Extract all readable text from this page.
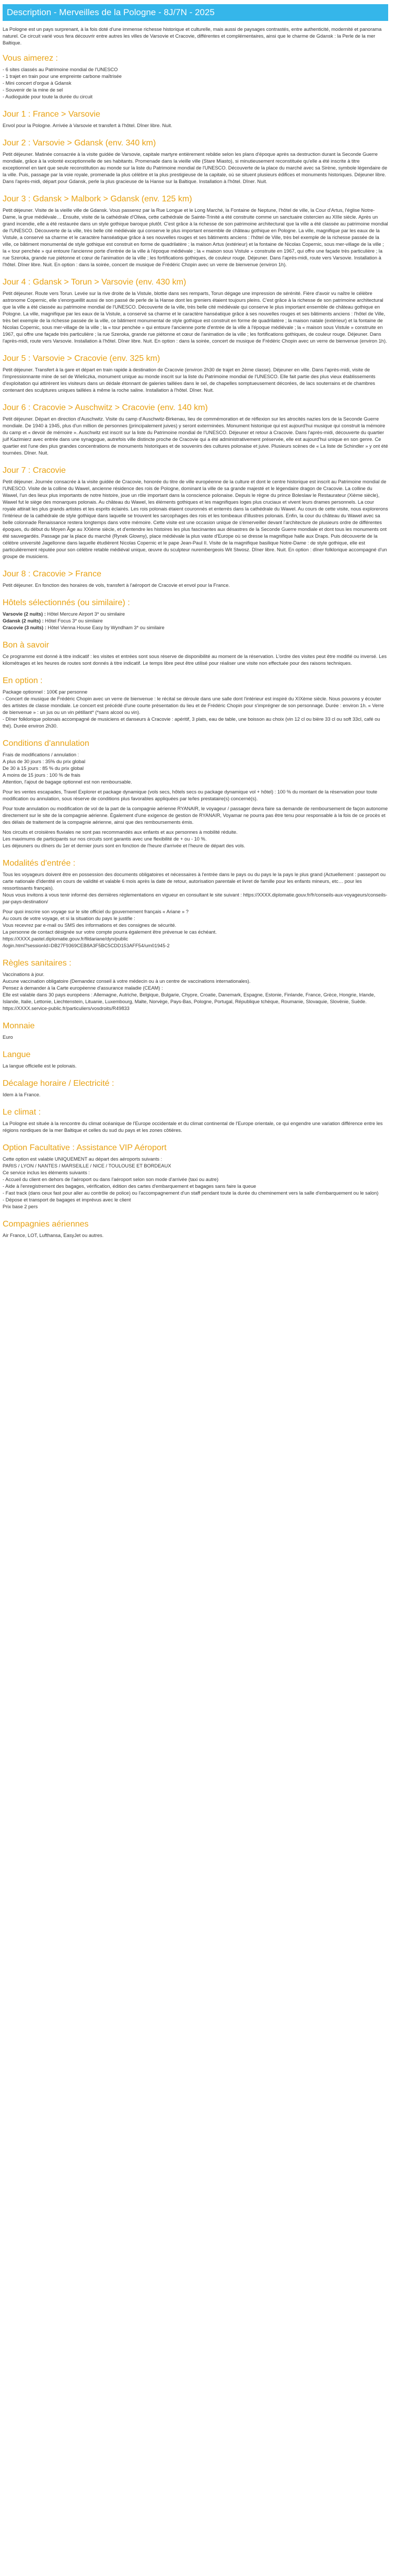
Description - Merveilles de la Pologne - 8J/7N - 2025

La Pologne est un pays surprenant, à la fois doté d'une immense richesse historique et culturelle, mais aussi de paysages contrastés, entre authenticité, modernité et panorama naturel. Ce circuit varié vous fera découvrir entre autres les villes de Varsovie et Cracovie, différentes et complémentaires, ainsi que le charme de Gdansk : la Perle de la mer Baltique.

Vous aimerez :
- 6 sites classés au Patrimoine mondial de l'UNESCO
- 1 trajet en train pour une empreinte carbone maîtrisée
- Mini concert d'orgue à Gdansk
- Souvenir de la mine de sel
- Audioguide pour toute la durée du circuit
Jour 1 : France > Varsovie

Envol pour la Pologne. Arrivée à Varsovie et transfert à l'hôtel. Dîner libre. Nuit.

Jour 2 : Varsovie > Gdansk (env. 340 km)

Petit déjeuner. Matinée consacrée à la visite guidée de Varsovie, capitale martyre entièrement rebâtie selon les plans d'époque après sa destruction durant la Seconde Guerre mondiale, grâce à la volonté exceptionnelle de ses habitants. Promenade dans la vieille ville (Stare Miasto), si minutieusement reconstituée qu'elle a été inscrite à titre exceptionnel en tant que seule reconstitution au monde sur la liste du Patrimoine mondial de l'UNESCO. Découverte de la place du marché avec sa Sirène, symbole légendaire de la ville. Puis, passage par la voie royale, promenade la plus célèbre et la plus prestigieuse de la capitale, où se situent plusieurs édifices et monuments historiques. Déjeuner libre. Dans l'après-midi, départ pour Gdansk, perle la plus gracieuse de la Hanse sur la Baltique. Installation à l'hôtel. Dîner. Nuit.

Jour 3 : Gdansk > Malbork > Gdansk (env. 125 km)

Petit déjeuner. Visite de la vieille ville de Gdansk. Vous passerez par la Rue Longue et le Long Marché, la Fontaine de Neptune, l'hôtel de ville, la Cour d'Artus, l'église Notre-Dame, la grue médiévale… Ensuite, visite de la cathédrale d'Oliwa, cette cathédrale de Sainte-Trinité a été construite comme un sanctuaire cistercien au XIIIe siècle. Après un grand incendie, elle a été restaurée dans un style gothique baroque plutôt. C'est grâce à la richesse de son patrimoine architectural que la ville a été classée au patrimoine mondial de l'UNESCO. Découverte de la ville, très belle cité médiévale qui conserve le plus important ensemble de château gothique en Pologne. La ville, magnifique par les eaux de la Vistule, a conservé sa charme et le caractère hanséatique grâce à ses nouvelles rouges et ses bâtiments anciens : l'hôtel de Ville, très bel exemple de la richesse passée de la ville, ce bâtiment monumental de style gothique est construit en forme de quadrilatère ; la maison Artus (extérieur) et la fontaine de Nicolas Copernic, sous mer-village de la ville ; la « tour penchée » qui entoure l'ancienne porte d'entrée de la ville à l'époque médiévale ; la « maison sous Vistule » construite en 1967, qui offre une façade très particulière ; la rue Szeroka, grande rue piétonne et cœur de l'animation de la ville ; les fortifications gothiques, de couleur rouge. Déjeuner. Dans l'après-midi, route vers Varsovie. Installation à l'hôtel. Dîner libre. Nuit. En option : dans la soirée, concert de musique de Frédéric Chopin avec un verre de bienvenue (environ 1h).

Jour 4 : Gdansk > Torun > Varsovie (env. 430 km)

Petit déjeuner. Route vers Torun. Levée sur la rive droite de la Vistule, blottie dans ses remparts, Torun dégage une impression de sérénité. Fière d'avoir vu naître le célèbre astronome Copernic, elle s'enorgueillit aussi de son passé de perle de la Hanse dont les greniers étaient toujours pleins. C'est grâce à la richesse de son patrimoine architectural que la ville a été classée au patrimoine mondial de l'UNESCO. Découverte de la ville, très belle cité médiévale qui conserve le plus important ensemble de château gothique en Pologne. La ville, magnifique par les eaux de la Vistule, a conservé sa charme et le caractère hanséatique grâce à ses nouvelles rouges et ses bâtiments anciens : l'hôtel de Ville, très bel exemple de la richesse passée de la ville, ce bâtiment monumental de style gothique est construit en forme de quadrilatère ; la maison natale (extérieur) et la fontaine de Nicolas Copernic, sous mer-village de la ville ; la « tour penchée » qui entoure l'ancienne porte d'entrée de la ville à l'époque médiévale ; la « maison sous Vistule » construite en 1967, qui offre une façade très particulière ; la rue Szeroka, grande rue piétonne et cœur de l'animation de la ville ; les fortifications gothiques, de couleur rouge. Déjeuner. Dans l'après-midi, route vers Varsovie. Installation à l'hôtel. Dîner libre. Nuit. En option : dans la soirée, concert de musique de Frédéric Chopin avec un verre de bienvenue (environ 1h).

Jour 5 : Varsovie > Cracovie (env. 325 km)

Petit déjeuner. Transfert à la gare et départ en train rapide à destination de Cracovie (environ 2h30 de trajet en 2ème classe). Déjeuner en ville. Dans l'après-midi, visite de l'impressionnante mine de sel de Wieliczka, monument unique au monde inscrit sur la liste du Patrimoine mondial de l'UNESCO. Elle fait partie des plus vieux établissements d'exploitation qui attirèrent les visiteurs dans un dédale étonnant de galeries taillées dans le sel, de chapelles somptueusement décorées, de lacs souterrains et de chambres contenant des sculptures uniques taillées à même la roche saline. Installation à l'hôtel. Dîner. Nuit.

Jour 6 : Cracovie > Auschwitz > Cracovie (env. 140 km)

Petit déjeuner. Départ en direction d'Auschwitz. Visite du camp d'Auschwitz-Birkenau, lieu de commémoration et de réflexion sur les atrocités nazies lors de la Seconde Guerre mondiale. De 1940 à 1945, plus d'un million de personnes (principalement juives) y seront exterminées. Monument historique qui est aujourd'hui musique qui construit la mémoire du camp et « devoir de mémoire ». Auschwitz est inscrit sur la liste du Patrimoine mondial de l'UNESCO. Déjeuner et retour à Cracovie. Dans l'après-midi, découverte du quartier juif Kazimierz avec entrée dans une synagogue, autrefois ville distincte proche de Cracovie qui a été administrativement préservée, elle est aujourd'hui unique en son genre. Ce quartier est l'une des plus grandes concentrations de monuments historiques et de souvenirs des cultures polonaise et juive. Plusieurs scènes de « La liste de Schindler » y ont été tournées. Dîner. Nuit.

Jour 7 : Cracovie

Petit déjeuner. Journée consacrée à la visite guidée de Cracovie, honorée du titre de ville européenne de la culture et dont le centre historique est inscrit au Patrimoine mondial de l'UNESCO. Visite de la colline du Wawel, ancienne résidence des rois de Pologne, dominant la ville de sa grande majesté et le légendaire dragon de Cracovie. La colline du Wawel, l'un des lieux plus importants de notre histoire, joue un rôle important dans la conscience polonaise. Depuis le règne du prince Boleslaw le Restaurateur (Xième siècle), Wawel fut le siège des monarques polonais. Au château du Wawel, les éléments gothiques et les magnifiques loges plus cruciaux et vivent leurs drames personnels. La cour royale attirait les plus grands artistes et les esprits éclairés. Les rois polonais étaient couronnés et enterrés dans la cathédrale du Wawel. Au cours de cette visite, nous explorerons l'intérieur de la cathédrale de style gothique dans laquelle se trouvent les sarcophages des rois et les tombeaux d'illustres polonais. Enfin, la cour du château du Wawel avec sa belle colonnade Renaissance restera longtemps dans votre mémoire. Cette visite est une occasion unique de s'émerveiller devant l'architecture de plusieurs ordre de différentes époques, du début du Moyen Âge au XXième siècle, et d'entendre les histoires les plus fascinantes aux désastres de la Seconde Guerre mondiale et dont tous les monuments ont été sauvegardés. Passage par la place du marché (Rynek Glowny), place médiévale la plus vaste d'Europe où se dresse la magnifique halle aux Draps. Puis découverte de la célèbre université Jagellonne dans laquelle étudièrent Nicolas Copernic et le pape Jean-Paul II. Visite de la magnifique basilique Notre-Dame : de style gothique, elle est particulièrement réputée pour son célèbre retable médiéval unique, œuvre du sculpteur nurembergeois Wit Stwosz. Dîner libre. Nuit. En option : dîner folklorique accompagné d'un groupe de musiciens.

Jour 8 : Cracovie > France

Petit déjeuner. En fonction des horaires de vols, transfert à l'aéroport de Cracovie et envol pour la France.

Hôtels sélectionnés (ou similaire) :
Varsovie (2 nuits) : Hôtel Mercure Airport 3* ou similaire
Gdansk (2 nuits) : Hôtel Focus 3* ou similaire
Cracovie (3 nuits) : Hôtel Vienna House Easy by Wyndham 3* ou similaire
Bon à savoir

Ce programme est donné à titre indicatif : les visites et entrées sont sous réserve de disponibilité au moment de la réservation. L'ordre des visites peut être modifié ou inversé. Les kilométrages et les heures de routes sont donnés à titre indicatif. Le temps libre peut être utilisé pour réaliser une visite non effectuée pour des raisons techniques.

En option :
Package optionnel : 100€ par personne
- Concert de musique de Frédéric Chopin avec un verre de bienvenue : le récital se déroule dans une salle dont l'intérieur est inspiré du XIXème siècle. Nous pouvons y écouter des artistes de classe mondiale. Le concert est précédé d'une courte présentation du lieu et de Frédéric Chopin pour s'imprégner de son personnage. Durée : environ 1h. « Verre de bienvenue » : un jus ou un vin pétillant* (*sans alcool ou vin).
- Dîner folklorique polonais accompagné de musiciens et danseurs à Cracovie : apéritif, 3 plats, eau de table, une boisson au choix (vin 12 cl ou bière 33 cl ou soft 33cl, café ou thé). Durée environ 2h30.
Conditions d'annulation
Frais de modifications / annulation :
A plus de 30 jours : 35% du prix global
De 30 à 15 jours : 85 % du prix global
A moins de 15 jours : 100 % de frais
Attention, l'ajout de bagage optionnel est non remboursable.
Pour les ventes escapades, Travel Explorer et package dynamique (vols secs, hôtels secs ou package dynamique vol + hôtel) : 100 % du montant de la réservation pour toute modification ou annulation, sous réserve de conditions plus favorables appliquées par le/les prestataire(s) concerné(s).
Pour toute annulation ou modification de vol de la part de la compagnie aérienne RYANAIR, le voyageur / passager devra faire sa demande de remboursement de façon autonome directement sur le site de la compagnie aérienne. Également d'une exigence de gestion de RYANAIR, Voyamar ne pourra pas être tenu pour responsable à la fois de ce procès et des délais de traitement de la compagnie aérienne, ainsi que des remboursements émis.
Nos circuits et croisières fluviales ne sont pas recommandés aux enfants et aux personnes à mobilité réduite.
Les maximums de participants sur nos circuits sont garantis avec une flexibilité de + ou - 10 %.
Les déjeuners ou dîners du 1er et dernier jours sont en fonction de l'heure d'arrivée et l'heure de départ des vols.
Modalités d'entrée :
Tous les voyageurs doivent être en possession des documents obligatoires et nécessaires à l'entrée dans le pays ou du pays le la pays le plus grand (Actuellement : passeport ou carte nationale d'identité en cours de validité et valable 6 mois après la date de retour, autorisation parentale et livret de famille pour les enfants mineurs, etc… pour les ressortissants français).
Nous vous invitons à vous tenir informé des dernières réglementations en vigueur en consultant le site suivant : https://XXXX.diplomatie.gouv.fr/fr/conseils-aux-voyageurs/conseils-par-pays-destination/
Pour quoi inscrire son voyage sur le site officiel du gouvernement français « Ariane » ?
Au cours de votre voyage, et si la situation du pays le justifie :
Vous recevrez par e-mail ou SMS des informations et des consignes de sécurité.
La personne de contact désignée sur votre compte pourra également être prévenue le cas échéant.
https://XXXX.pastel.diplomatie.gouv.fr/fildariane/dyn/public
/login.html?sessionId=DB27F9369CEB8A3F5BC5CDD153AFF54/um01945-2
Règles sanitaires :
Vaccinations à jour.
Aucune vaccination obligatoire (Demandez conseil à votre médecin ou à un centre de vaccinations internationales).
Pensez à demander à la Carte européenne d'assurance maladie (CEAM) :
Elle est valable dans 30 pays européens : Allemagne, Autriche, Belgique, Bulgarie, Chypre, Croatie, Danemark, Espagne, Estonie, Finlande, France, Grèce, Hongrie, Irlande, Islande, Italie, Lettonie, Liechtenstein, Lituanie, Luxembourg, Malte, Norvège, Pays-Bas, Pologne, Portugal, République tchèque, Roumanie, Slovaquie, Slovénie, Suède.
https://XXXX.service-public.fr/particuliers/vosdroits/R49833
Monnaie

Euro

Langue

La langue officielle est le polonais.

Décalage horaire / Electricité :

Idem à la France.

Le climat :

La Pologne est située à la rencontre du climat océanique de l'Europe occidentale et du climat continental de l'Europe orientale, ce qui engendre une variation différence entre les régions nordiques de la mer Baltique et celles du sud du pays et les zones côtières.

Option Facultative : Assistance VIP Aéroport
Cette option est valable UNIQUEMENT au départ des aéroports suivants :
PARIS / LYON / NANTES / MARSEILLE / NICE / TOULOUSE ET BORDEAUX
Ce service inclus les éléments suivants :
- Accueil du client en dehors de l'aéroport ou dans l'aéroport selon son mode d'arrivée (taxi ou autre)
- Aide à l'enregistrement des bagages, vérification, édition des cartes d'embarquement et bagages sans faire la queue
- Fast track (dans ceux fast pour aller au contrôle de police) ou l'accompagnement d'un staff pendant toute la durée du cheminement vers la salle d'embarquement ou le salon)
- Dépose et transport de bagages et imprévus avec le client
Prix base 2 pers
Compagnies aériennes

Air France, LOT, Lufthansa, EasyJet ou autres.
